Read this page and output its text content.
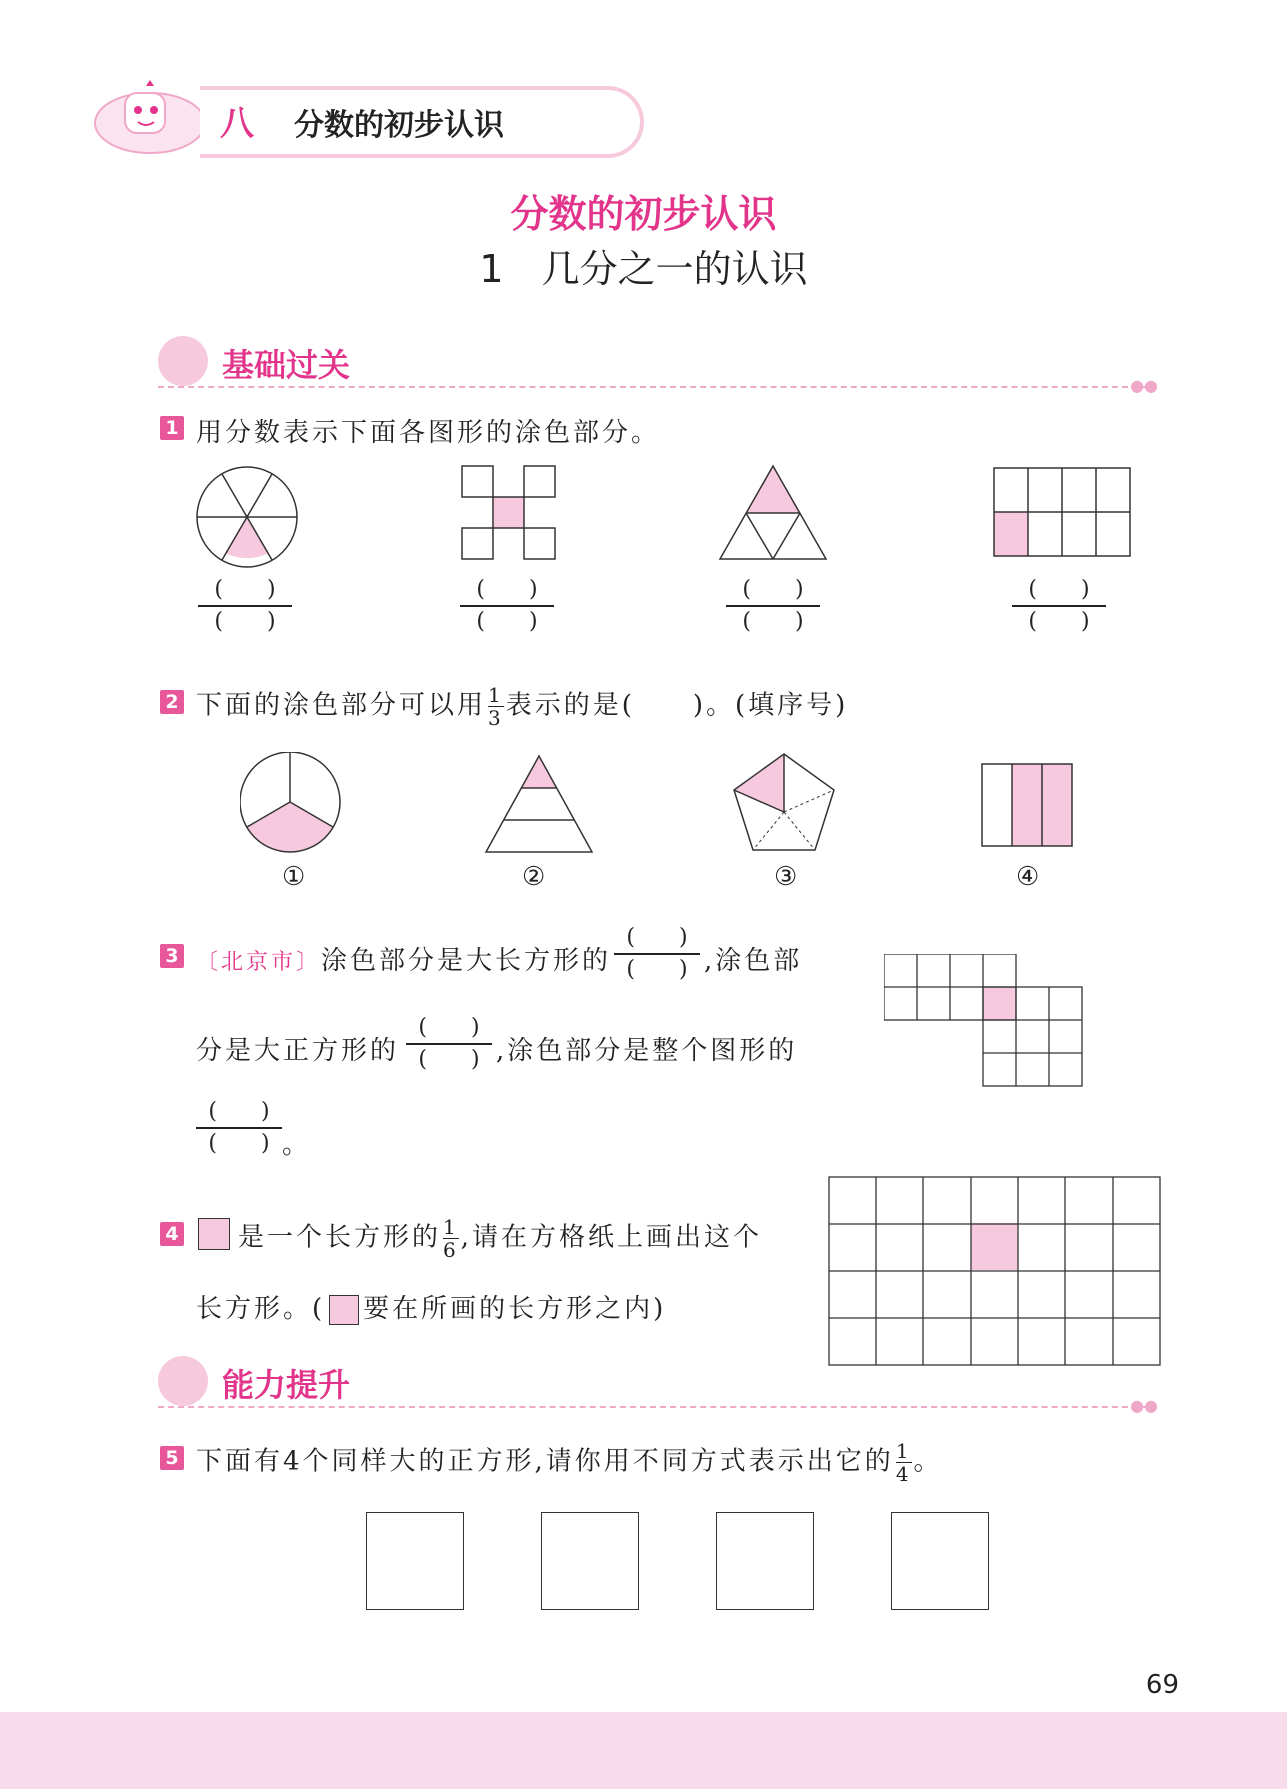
八 分数的初步认识
分数的初步认识
1　几分之一的认识
基础过关
●●
1 用分数表示下面各图形的涂色部分。
(　　)
(　　)
(　　)
(　　)
(　　)
(　　)
(　　)
(　　)
2 下面的涂色部分可以用 $\frac{1}{3}$ 表示的是(　　)。(填序号)
①	②	③	④
3 〔北京市〕涂色部分是大长方形的
(　　)
(　　) ,涂色部
分是大正方形的
(　　)
(　　) ,涂色部分是整个图形的
(　　)
(　　) 。
4 是一个长方形的 $\frac{1}{6}$ ,请在方格纸上画出这个
长方形。( 要在所画的长方形之内)
能力提升
●●
5 下面有4个同样大的正方形,请你用不同方式表示出它的 $\frac{1}{4}$ 。
69
